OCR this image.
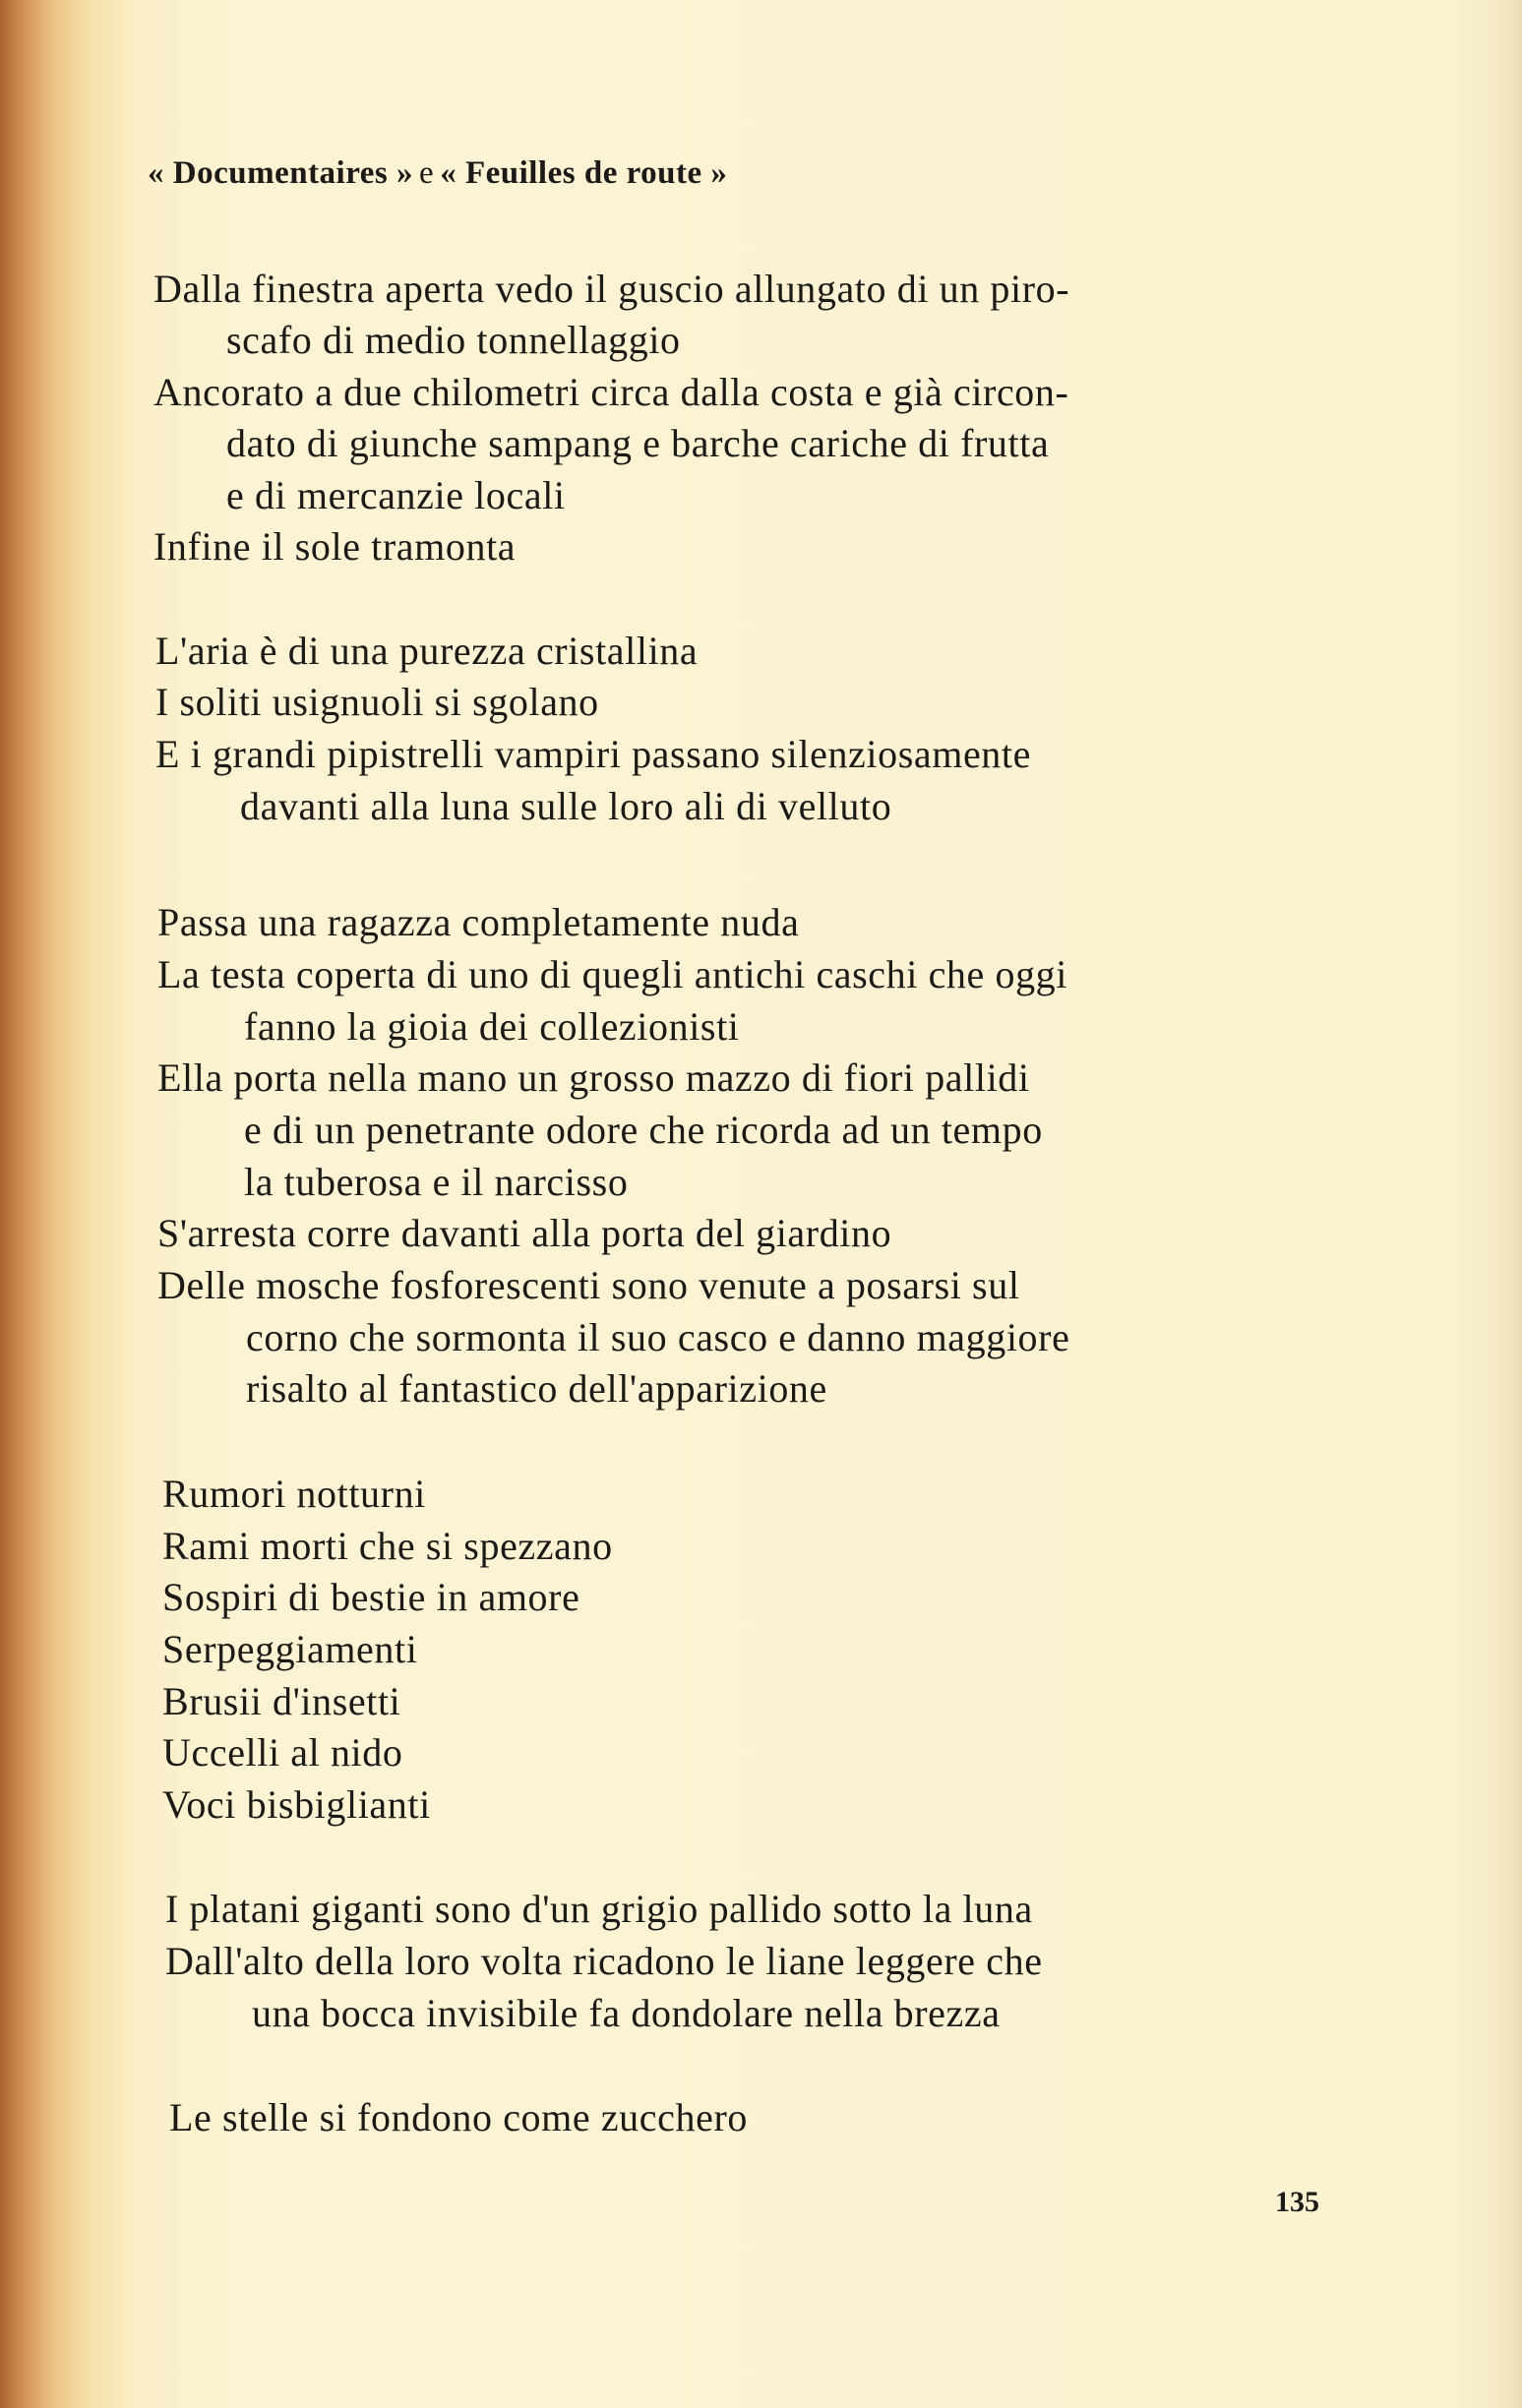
« Documentaires » e « Feuilles de route »

Dalla finestra aperta vedo il guscio allungato di un piro-

scafo di medio tonnellaggio

Ancorato a due chilometri circa dalla costa e già circon-

dato di giunche sampang e barche cariche di frutta

e di mercanzie locali

Infine il sole tramonta

L'aria è di una purezza cristallina

I soliti usignuoli si sgolano

E i grandi pipistrelli vampiri passano silenziosamente

davanti alla luna sulle loro ali di velluto

Passa una ragazza completamente nuda

La testa coperta di uno di quegli antichi caschi che oggi

fanno la gioia dei collezionisti

Ella porta nella mano un grosso mazzo di fiori pallidi

e di un penetrante odore che ricorda ad un tempo

la tuberosa e il narcisso

S'arresta corre davanti alla porta del giardino

Delle mosche fosforescenti sono venute a posarsi sul

corno che sormonta il suo casco e danno maggiore

risalto al fantastico dell'apparizione

Rumori notturni

Rami morti che si spezzano

Sospiri di bestie in amore

Serpeggiamenti

Brusii d'insetti

Uccelli al nido

Voci bisbiglianti

I platani giganti sono d'un grigio pallido sotto la luna

Dall'alto della loro volta ricadono le liane leggere che

una bocca invisibile fa dondolare nella brezza

Le stelle si fondono come zucchero

135
